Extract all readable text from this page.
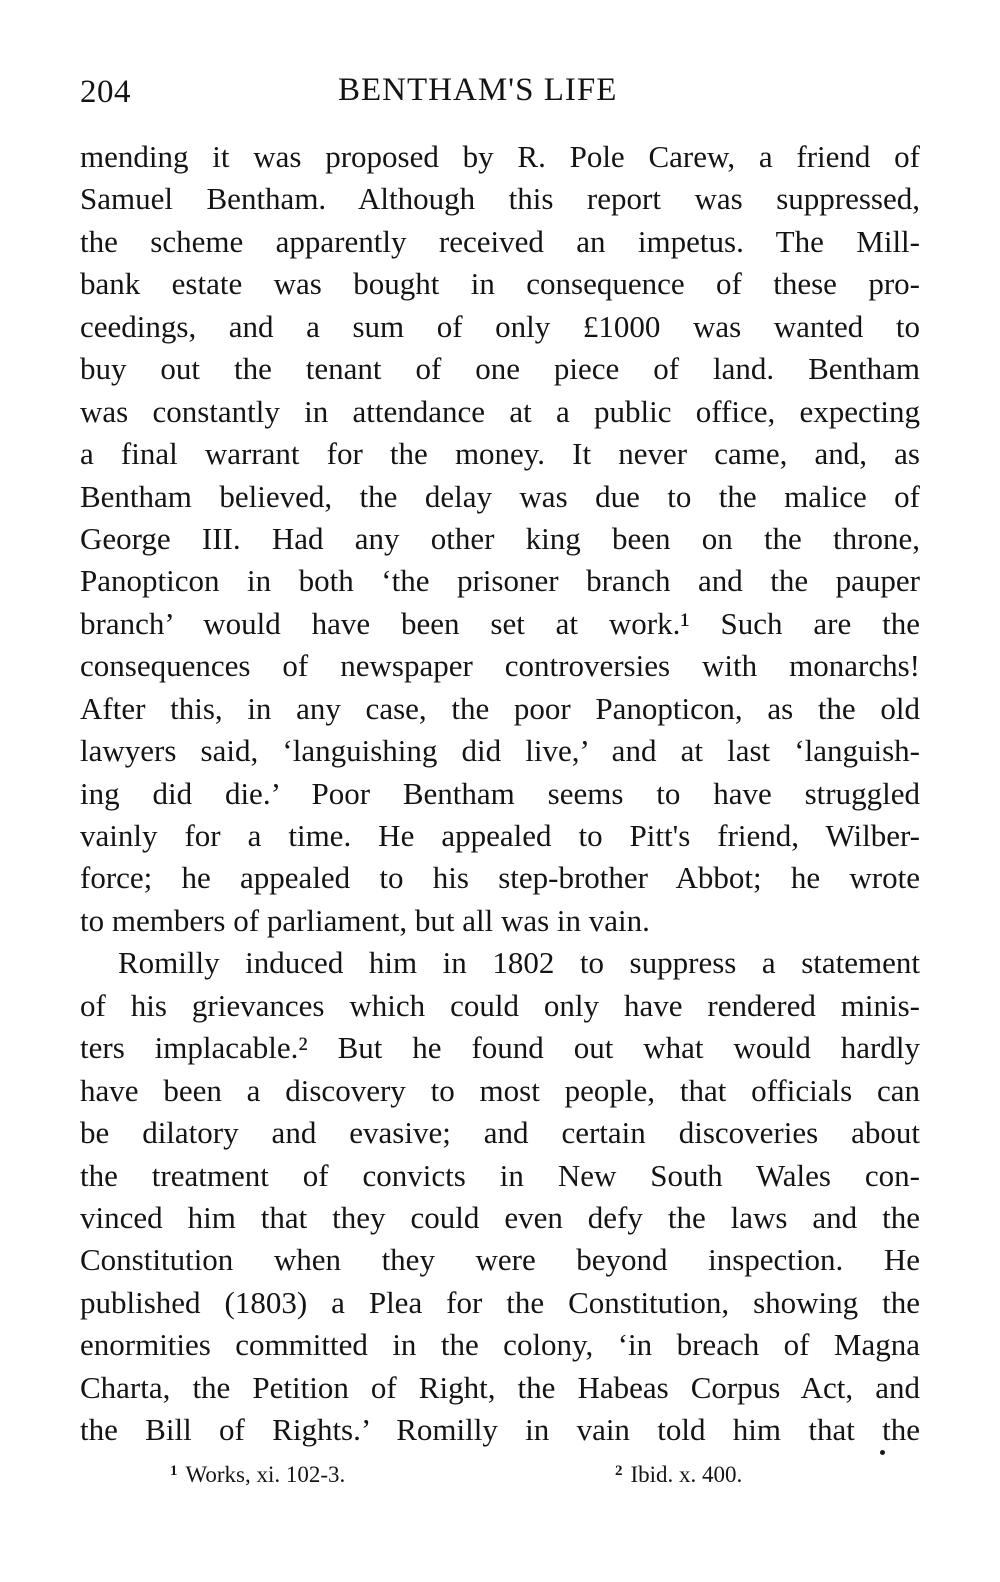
204	BENTHAM'S LIFE
mending it was proposed by R. Pole Carew, a friend of
Samuel Bentham. Although this report was suppressed,
the scheme apparently received an impetus. The Mill-
bank estate was bought in consequence of these pro-
ceedings, and a sum of only £1000 was wanted to
buy out the tenant of one piece of land. Bentham
was constantly in attendance at a public office, expecting
a final warrant for the money. It never came, and, as
Bentham believed, the delay was due to the malice of
George III. Had any other king been on the throne,
Panopticon in both ‘the prisoner branch and the pauper
branch’ would have been set at work.¹ Such are the
consequences of newspaper controversies with monarchs!
After this, in any case, the poor Panopticon, as the old
lawyers said, ‘languishing did live,’ and at last ‘languish-
ing did die.’ Poor Bentham seems to have struggled
vainly for a time. He appealed to Pitt's friend, Wilber-
force; he appealed to his step-brother Abbot; he wrote
to members of parliament, but all was in vain.
Romilly induced him in 1802 to suppress a statement
of his grievances which could only have rendered minis-
ters implacable.² But he found out what would hardly
have been a discovery to most people, that officials can
be dilatory and evasive; and certain discoveries about
the treatment of convicts in New South Wales con-
vinced him that they could even defy the laws and the
Constitution when they were beyond inspection. He
published (1803) a Plea for the Constitution, showing the
enormities committed in the colony, ‘in breach of Magna
Charta, the Petition of Right, the Habeas Corpus Act, and
the Bill of Rights.’ Romilly in vain told him that the
$^1$ Works, xi. 102-3.	$^2$ Ibid. x. 400.
